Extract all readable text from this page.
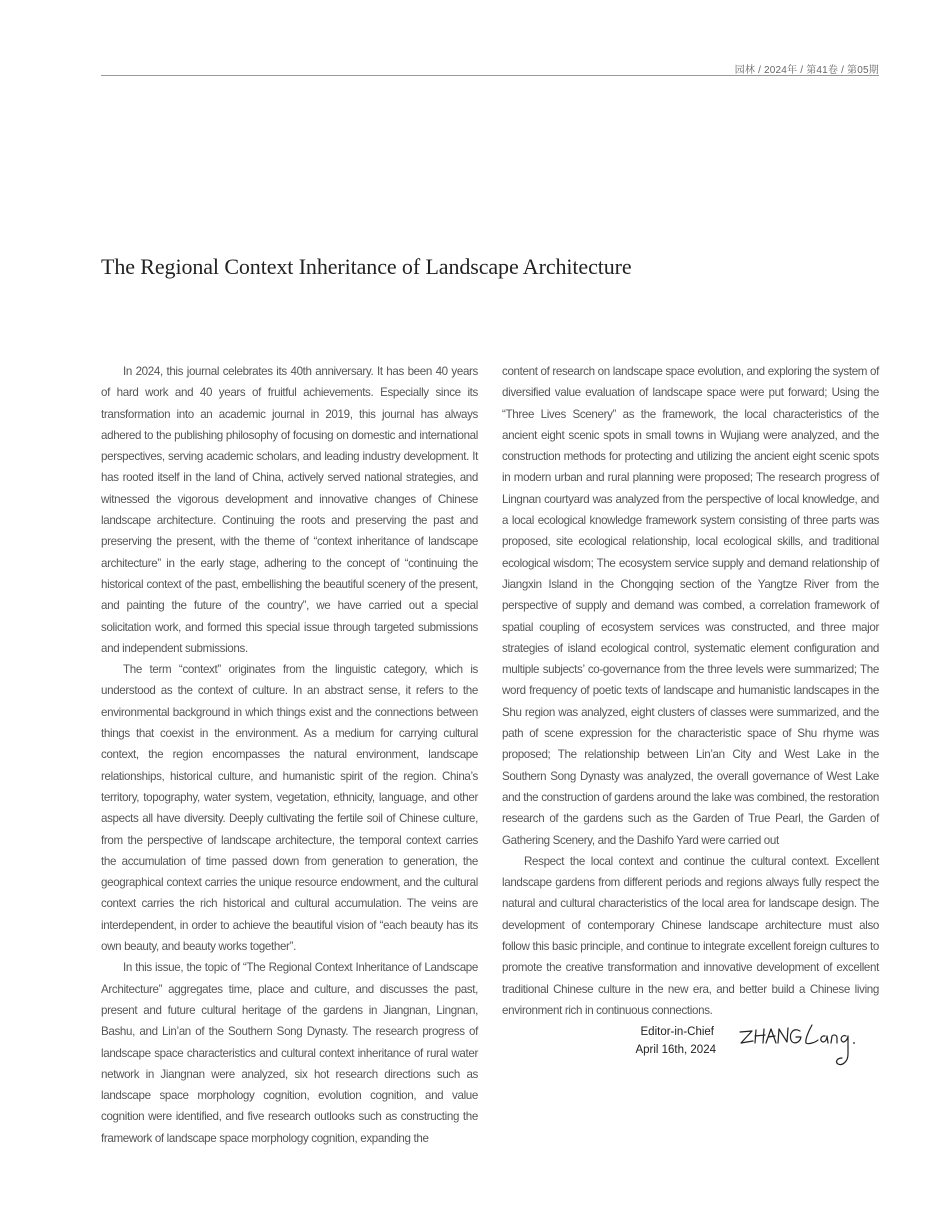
园林 / 2024年 / 第41卷 / 第05期
The Regional Context Inheritance of Landscape Architecture

In 2024, this journal celebrates its 40th anniversary. It has been 40 years of hard work and 40 years of fruitful achievements. Especially since its transformation into an academic journal in 2019, this journal has always adhered to the publishing philosophy of focusing on domestic and international perspectives, serving academic scholars, and leading industry development. It has rooted itself in the land of China, actively served national strategies, and witnessed the vigorous development and innovative changes of Chinese landscape architecture. Continuing the roots and preserving the past and preserving the present, with the theme of “context inheritance of landscape architecture” in the early stage, adhering to the concept of “continuing the historical context of the past, embellishing the beautiful scenery of the present, and painting the future of the country”, we have carried out a special solicitation work, and formed this special issue through targeted submissions and independent submissions.

The term “context” originates from the linguistic category, which is understood as the context of culture. In an abstract sense, it refers to the environmental background in which things exist and the connections between things that coexist in the environment. As a medium for carrying cultural context, the region encompasses the natural environment, landscape relationships, historical culture, and humanistic spirit of the region. China’s territory, topography, water system, vegetation, ethnicity, language, and other aspects all have diversity. Deeply cultivating the fertile soil of Chinese culture, from the perspective of landscape architecture, the temporal context carries the accumulation of time passed down from generation to generation, the geographical context carries the unique resource endowment, and the cultural context carries the rich historical and cultural accumulation. The veins are interdependent, in order to achieve the beautiful vision of “each beauty has its own beauty, and beauty works together”.

In this issue, the topic of “The Regional Context Inheritance of Landscape Architecture” aggregates time, place and culture, and discusses the past, present and future cultural heritage of the gardens in Jiangnan, Lingnan, Bashu, and Lin’an of the Southern Song Dynasty. The research progress of landscape space characteristics and cultural context inheritance of rural water network in Jiangnan were analyzed, six hot research directions such as landscape space morphology cognition, evolution cognition, and value cognition were identified, and five research outlooks such as constructing the framework of landscape space morphology cognition, expanding the

content of research on landscape space evolution, and exploring the system of diversified value evaluation of landscape space were put forward; Using the “Three Lives Scenery” as the framework, the local characteristics of the ancient eight scenic spots in small towns in Wujiang were analyzed, and the construction methods for protecting and utilizing the ancient eight scenic spots in modern urban and rural planning were proposed; The research progress of Lingnan courtyard was analyzed from the perspective of local knowledge, and a local ecological knowledge framework system consisting of three parts was proposed, site ecological relationship, local ecological skills, and traditional ecological wisdom; The ecosystem service supply and demand relationship of Jiangxin Island in the Chongqing section of the Yangtze River from the perspective of supply and demand was combed, a correlation framework of spatial coupling of ecosystem services was constructed, and three major strategies of island ecological control, systematic element configuration and multiple subjects’ co-governance from the three levels were summarized; The word frequency of poetic texts of landscape and humanistic landscapes in the Shu region was analyzed, eight clusters of classes were summarized, and the path of scene expression for the characteristic space of Shu rhyme was proposed; The relationship between Lin’an City and West Lake in the Southern Song Dynasty was analyzed, the overall governance of West Lake and the construction of gardens around the lake was combined, the restoration research of the gardens such as the Garden of True Pearl, the Garden of Gathering Scenery, and the Dashifo Yard were carried out

Respect the local context and continue the cultural context. Excellent landscape gardens from different periods and regions always fully respect the natural and cultural characteristics of the local area for landscape design. The development of contemporary Chinese landscape architecture must also follow this basic principle, and continue to integrate excellent foreign cultures to promote the creative transformation and innovative development of excellent traditional Chinese culture in the new era, and better build a Chinese living environment rich in continuous connections.

Editor-in-Chief
April 16th, 2024
